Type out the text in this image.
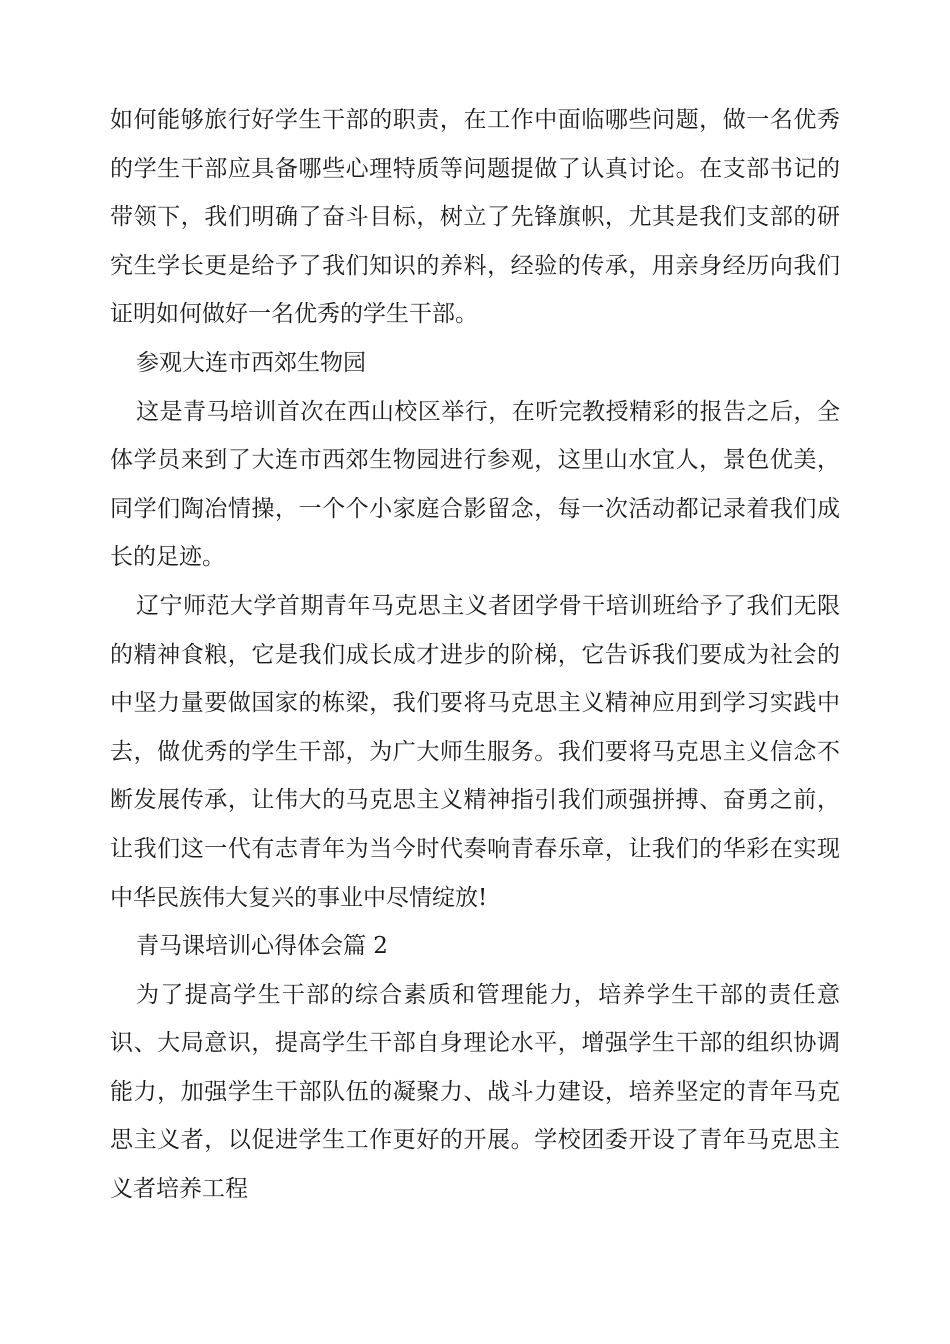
如何能够旅行好学生干部的职责，在工作中面临哪些问题，做一名优秀的学生干部应具备哪些心理特质等问题提做了认真讨论。在支部书记的带领下，我们明确了奋斗目标，树立了先锋旗帜，尤其是我们支部的研究生学长更是给予了我们知识的养料，经验的传承，用亲身经历向我们证明如何做好一名优秀的学生干部。

参观大连市西郊生物园

这是青马培训首次在西山校区举行，在听完教授精彩的报告之后，全体学员来到了大连市西郊生物园进行参观，这里山水宜人，景色优美，同学们陶冶情操，一个个小家庭合影留念，每一次活动都记录着我们成长的足迹。

辽宁师范大学首期青年马克思主义者团学骨干培训班给予了我们无限的精神食粮，它是我们成长成才进步的阶梯，它告诉我们要成为社会的中坚力量要做国家的栋梁，我们要将马克思主义精神应用到学习实践中去，做优秀的学生干部，为广大师生服务。我们要将马克思主义信念不断发展传承，让伟大的马克思主义精神指引我们顽强拼搏、奋勇之前，让我们这一代有志青年为当今时代奏响青春乐章，让我们的华彩在实现中华民族伟大复兴的事业中尽情绽放!

青马课培训心得体会篇 2

为了提高学生干部的综合素质和管理能力，培养学生干部的责任意识、大局意识，提高学生干部自身理论水平，增强学生干部的组织协调能力，加强学生干部队伍的凝聚力、战斗力建设，培养坚定的青年马克思主义者，以促进学生工作更好的开展。学校团委开设了青年马克思主义者培养工程
